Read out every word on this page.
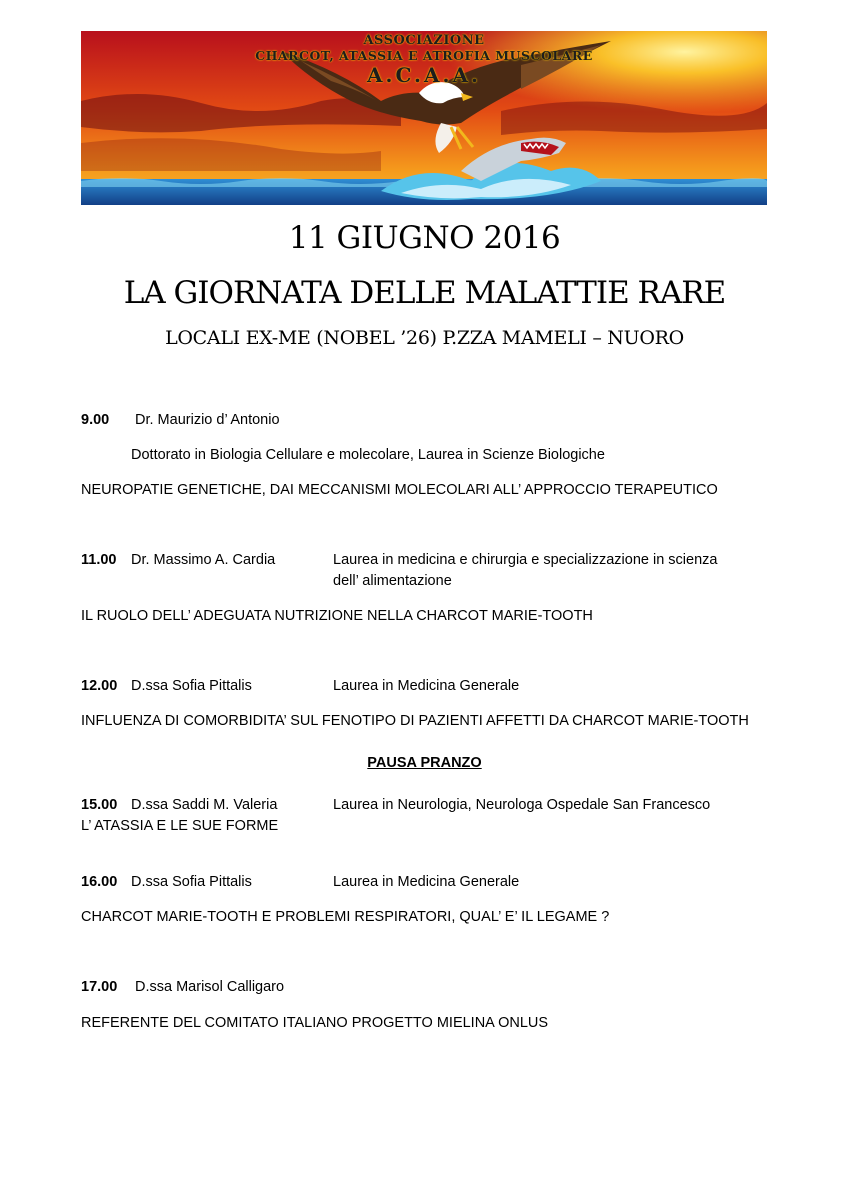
ASSOCIAZIONE
CHARCOT, ATASSIA E ATROFIA MUSCOLARE
A.C.A.A.
11 GIUGNO 2016
LA GIORNATA DELLE MALATTIE RARE
LOCALI EX-ME (NOBEL ’26) P.ZZA MAMELI – NUORO
9.00 Dr. Maurizio d’ Antonio
Dottorato in Biologia Cellulare e molecolare, Laurea in Scienze Biologiche
NEUROPATIE GENETICHE, DAI MECCANISMI MOLECOLARI ALL’ APPROCCIO TERAPEUTICO
11.00 Dr. Massimo A. Cardia	Laurea in medicina e chirurgia e specializzazione in scienza
dell’ alimentazione
IL RUOLO DELL’ ADEGUATA NUTRIZIONE NELLA CHARCOT MARIE-TOOTH
12.00 D.ssa Sofia Pittalis	Laurea in Medicina Generale
INFLUENZA DI COMORBIDITA’ SUL FENOTIPO DI PAZIENTI AFFETTI DA CHARCOT MARIE-TOOTH
PAUSA PRANZO
15.00 D.ssa Saddi M. Valeria	Laurea in Neurologia, Neurologa Ospedale San Francesco
L’ ATASSIA E LE SUE FORME
16.00 D.ssa Sofia Pittalis	Laurea in Medicina Generale
CHARCOT MARIE-TOOTH E PROBLEMI RESPIRATORI, QUAL’ E’ IL LEGAME ?
17.00 D.ssa Marisol Calligaro
REFERENTE DEL COMITATO ITALIANO PROGETTO MIELINA ONLUS
